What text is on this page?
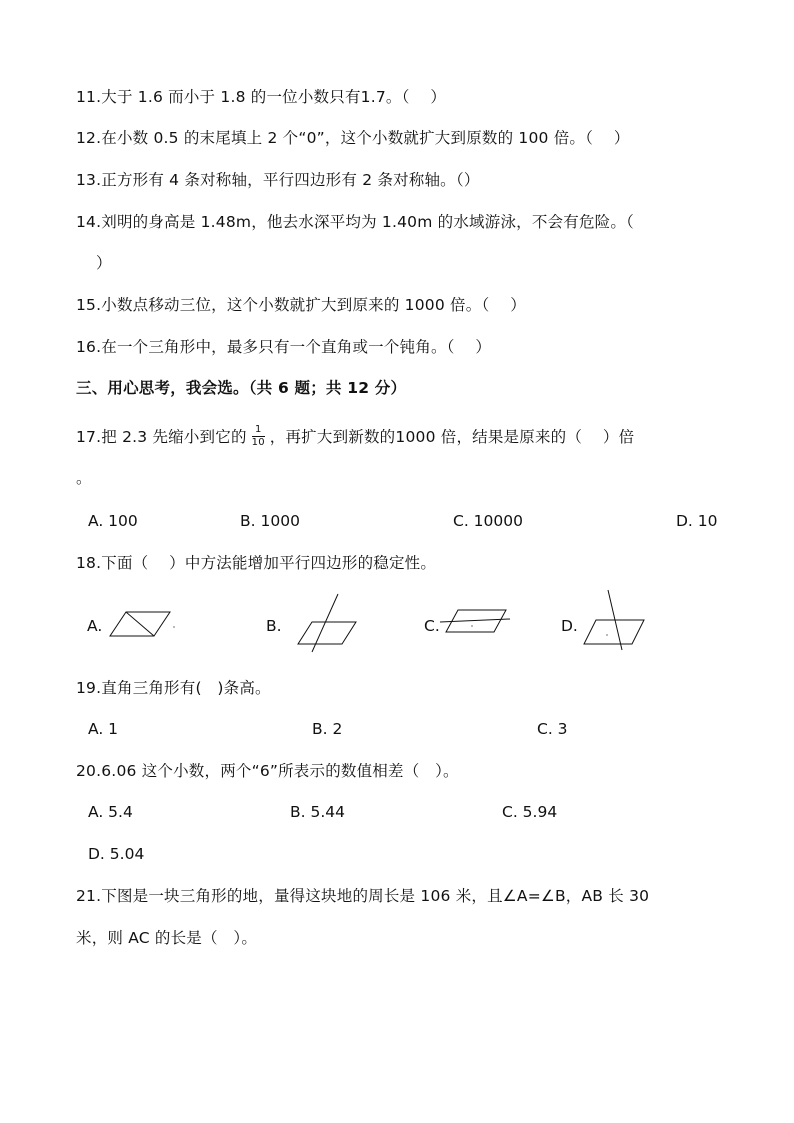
11.大于 1.6 而小于 1.8 的一位小数只有1.7。（　 ）
12.在小数 0.5 的末尾填上 2 个“0”，这个小数就扩大到原数的 100 倍。（　 ）
13.正方形有 4 条对称轴，平行四边形有 2 条对称轴。（）
14.刘明的身高是 1.48m，他去水深平均为 1.40m 的水域游泳，不会有危险。（
）
15.小数点移动三位，这个小数就扩大到原来的 1000 倍。（　 ）
16.在一个三角形中，最多只有一个直角或一个钝角。（　 ）
三、用心思考，我会选。（共 6 题；共 12 分）
17.把 2.3 先缩小到它的 $\frac{1}{10}$ ，再扩大到新数的1000 倍，结果是原来的（　 ）倍
。
A. 100	B. 1000	C. 10000	D. 10
18.下面（　 ）中方法能增加平行四边形的稳定性。
A.	B.	C.	D.
19.直角三角形有(　)条高。
A. 1	B. 2	C. 3
20.6.06 这个小数，两个“6”所表示的数值相差（　）。
A. 5.4	B. 5.44	C. 5.94
D. 5.04
21.下图是一块三角形的地，量得这块地的周长是 106 米，且∠A=∠B，AB 长 30
米，则 AC 的长是（　）。
